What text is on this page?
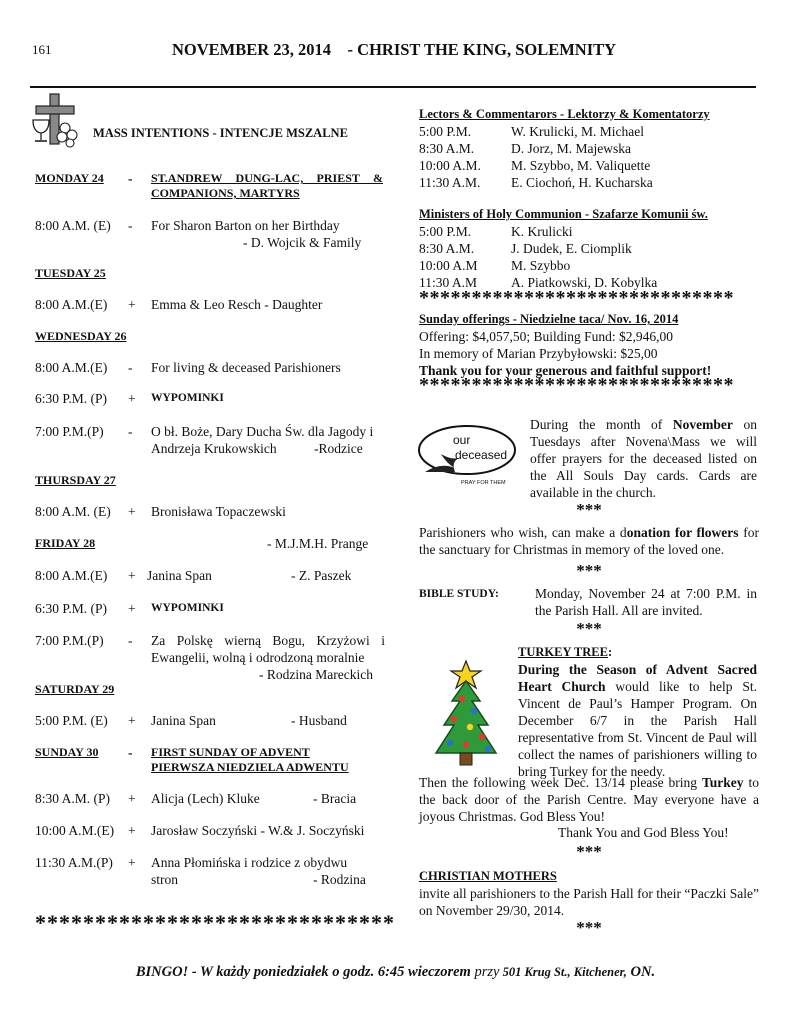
161	NOVEMBER 23, 2014    - CHRIST THE KING, SOLEMNITY
MASS INTENTIONS - INTENCJE MSZALNE
MONDAY 24 - ST.ANDREW DUNG-LAC, PRIEST &
COMPANIONS, MARTYRS
8:00 A.M. (E) - For Sharon Barton on her Birthday
- D. Wojcik & Family
TUESDAY 25
8:00 A.M.(E) + Emma & Leo Resch - Daughter
WEDNESDAY 26
8:00 A.M.(E) - For living & deceased Parishioners
6:30 P.M. (P) + WYPOMINKI
7:00 P.M.(P) - O bł. Boże, Dary Ducha Św. dla Jagody i
Andrzeja Krukowskich	-Rodzice
THURSDAY 27
8:00 A.M. (E) + Bronisława Topaczewski
FRIDAY 28	- M.J.M.H. Prange
8:00 A.M.(E) + Janina Span	- Z. Paszek
6:30 P.M. (P) + WYPOMINKI
7:00 P.M.(P) - Za Polskę wierną Bogu, Krzyżowi i
Ewangelii, wolną i odrodzoną moralnie
- Rodzina Mareckich
SATURDAY 29
5:00 P.M. (E) + Janina Span	- Husband
SUNDAY 30 - FIRST SUNDAY OF ADVENT
PIERWSZA NIEDZIELA ADWENTU
8:30 A.M. (P) + Alicja (Lech) Kluke	- Bracia
10:00 A.M.(E) + Jarosław Soczyński - W.& J. Soczyński
11:30 A.M.(P) + Anna Płomińska i rodzice z obydwu
stron	- Rodzina
******************************
Lectors & Commentarors - Lektorzy & Komentatorzy
5:00 P.M.	W. Krulicki, M. Michael
8:30 A.M.	D. Jorz, M. Majewska
10:00 A.M. M. Szybbo, M. Valiquette
11:30 A.M. E. Ciochoń, H. Kucharska
Ministers of Holy Communion - Szafarze Komunii św.
5:00 P.M.	K. Krulicki
8:30 A.M.	J. Dudek, E. Ciomplik
10:00 A.M M. Szybbo
11:30 A.M	A. Piatkowski, D. Kobylka
******************************
Sunday offerings - Niedzielne taca/ Nov. 16, 2014
Offering: $4,057,50; Building Fund: $2,946,00
In memory of Marian Przybyłowski: $25,00
Thank you for your generous and faithful support!
******************************
our
deceased
PRAY FOR THEM
During the month of November on Tuesdays after Novena\Mass we will offer prayers for the deceased listed on the All Souls Day cards. Cards are available in the church.
***
Parishioners who wish, can make a donation for flowers for the sanctuary for Christmas in memory of the loved one.
***
BIBLE STUDY:	Monday, November 24 at 7:00 P.M. in
the Parish Hall. All are invited.
***
TURKEY TREE:
During the Season of Advent Sacred Heart Church would like to help St. Vincent de Paul’s Hamper Program. On December 6/7 in the Parish Hall representative from St. Vincent de Paul will collect the names of parishioners willing to bring Turkey for the needy.
Then the following week Dec. 13/14 please bring Turkey to the back door of the Parish Centre. May everyone have a joyous Christmas. God Bless You!
Thank You and God Bless You!
***
CHRISTIAN MOTHERS
invite all parishioners to the Parish Hall for their “Paczki Sale” on November 29/30, 2014.
***
BINGO! - W każdy poniedziałek o godz. 6:45 wieczorem przy 501 Krug St., Kitchener, ON.
